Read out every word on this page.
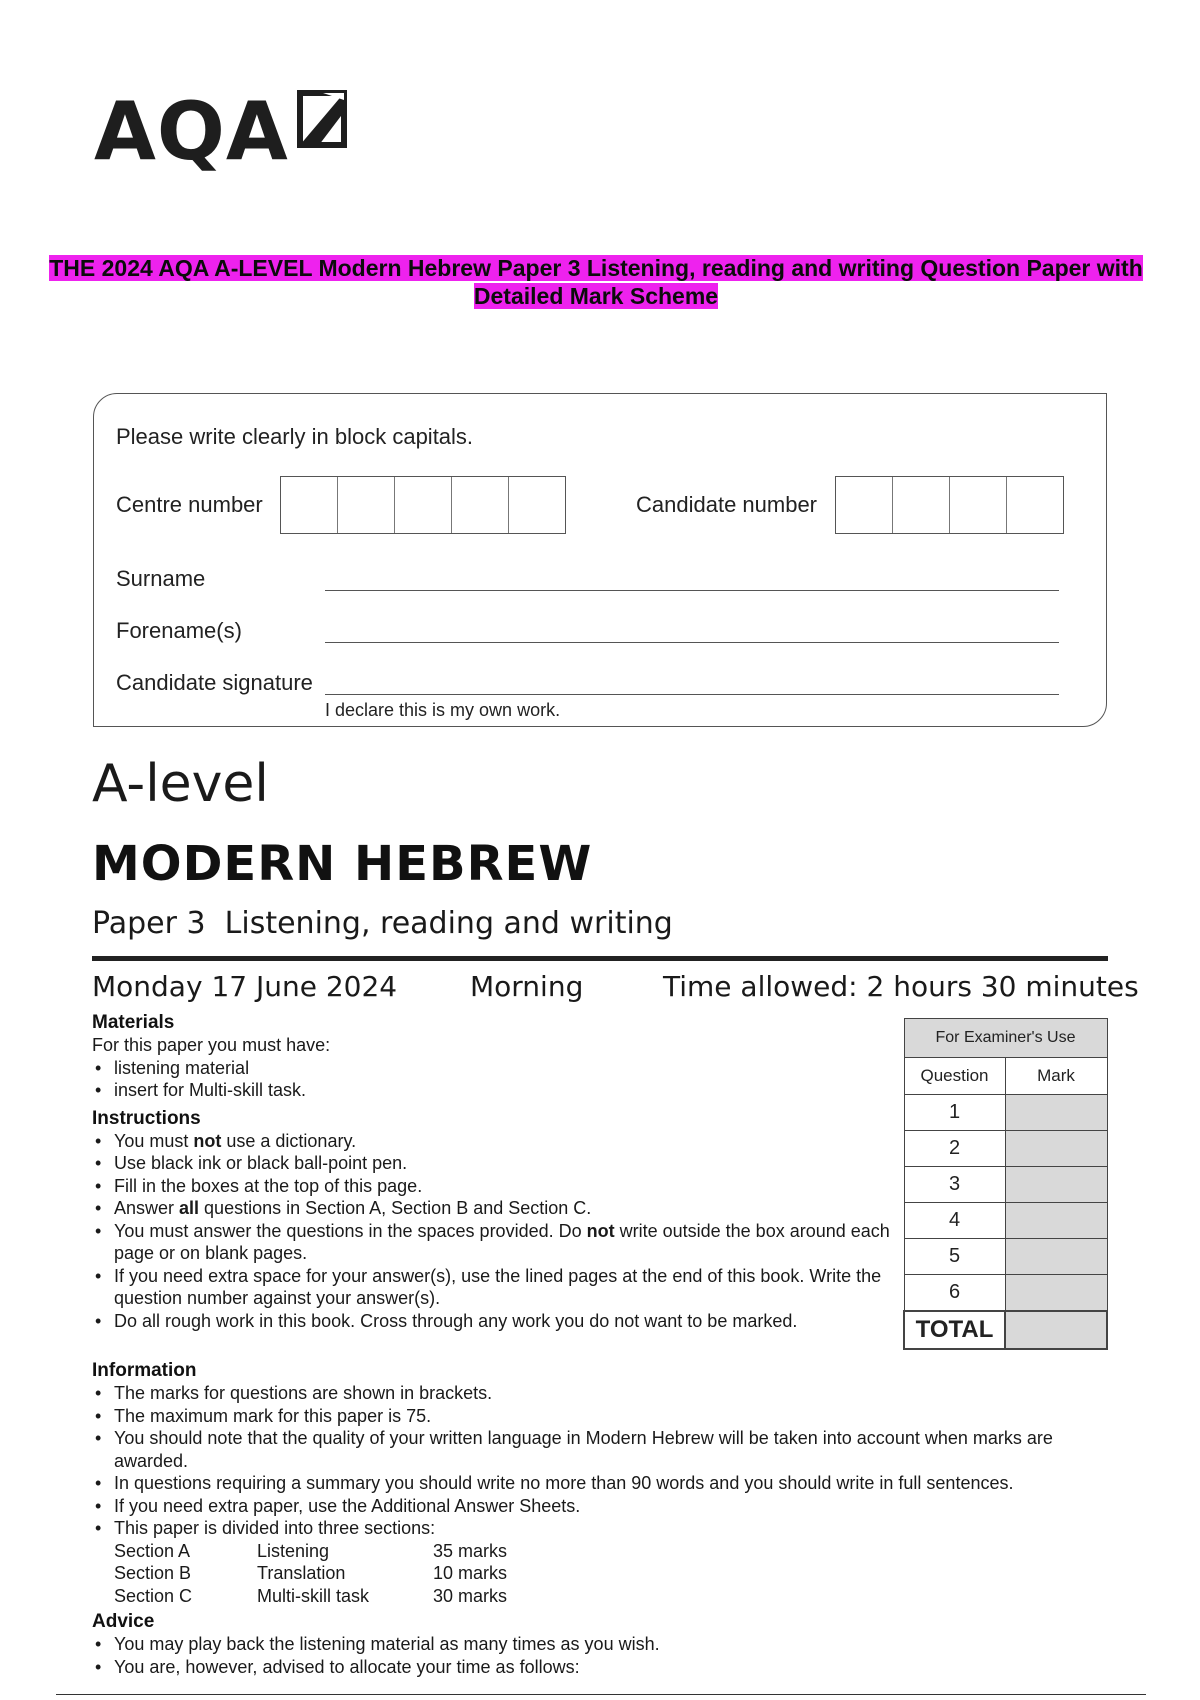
AQA
THE 2024 AQA A-LEVEL Modern Hebrew Paper 3 Listening, reading and writing Question Paper with Detailed Mark Scheme
Please write clearly in block capitals.
Centre number	Candidate number
Surname
Forename(s)
Candidate signature
I declare this is my own work.
A-level
MODERN HEBREW
Paper 3  Listening, reading and writing
Monday 17 June 2024	Morning	Time allowed: 2 hours 30 minutes
Materials
For this paper you must have:
• listening material
• insert for Multi-skill task.
Instructions
• You must not use a dictionary.
• Use black ink or black ball-point pen.
• Fill in the boxes at the top of this page.
• Answer all questions in Section A, Section B and Section C.
• You must answer the questions in the spaces provided. Do not write outside the box around each page or on blank pages.
• If you need extra space for your answer(s), use the lined pages at the end of this book. Write the question number against your answer(s).
• Do all rough work in this book. Cross through any work you do not want to be marked.
Information
• The marks for questions are shown in brackets.
• The maximum mark for this paper is 75.
• You should note that the quality of your written language in Modern Hebrew will be taken into account when marks are awarded.
• In questions requiring a summary you should write no more than 90 words and you should write in full sentences.
• If you need extra paper, use the Additional Answer Sheets.
• This paper is divided into three sections:
Section A	Listening	35 marks
Section B	Translation	10 marks
Section C	Multi-skill task	30 marks
Advice
• You may play back the listening material as many times as you wish.
• You are, however, advised to allocate your time as follows:
For Examiner's Use	
Question	Mark
1	
2	
3	
4	
5	
6	
TOTAL	
